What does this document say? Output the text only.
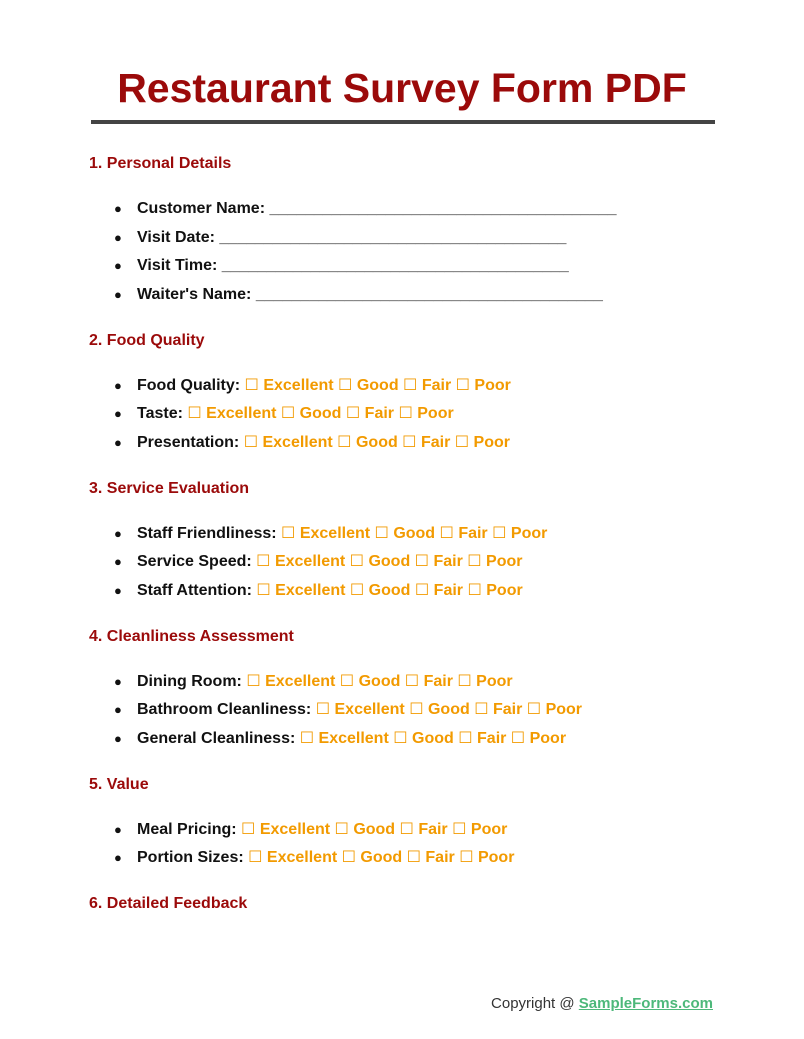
Restaurant Survey Form PDF
1. Personal Details
● Customer Name: _______________________________________
● Visit Date: _______________________________________
● Visit Time: _______________________________________
● Waiter's Name: _______________________________________
2. Food Quality
● Food Quality: ☐ Excellent ☐ Good ☐ Fair ☐ Poor
● Taste: ☐ Excellent ☐ Good ☐ Fair ☐ Poor
● Presentation: ☐ Excellent ☐ Good ☐ Fair ☐ Poor
3. Service Evaluation
● Staff Friendliness: ☐ Excellent ☐ Good ☐ Fair ☐ Poor
● Service Speed: ☐ Excellent ☐ Good ☐ Fair ☐ Poor
● Staff Attention: ☐ Excellent ☐ Good ☐ Fair ☐ Poor
4. Cleanliness Assessment
● Dining Room: ☐ Excellent ☐ Good ☐ Fair ☐ Poor
● Bathroom Cleanliness: ☐ Excellent ☐ Good ☐ Fair ☐ Poor
● General Cleanliness: ☐ Excellent ☐ Good ☐ Fair ☐ Poor
5. Value
● Meal Pricing: ☐ Excellent ☐ Good ☐ Fair ☐ Poor
● Portion Sizes: ☐ Excellent ☐ Good ☐ Fair ☐ Poor
6. Detailed Feedback
Copyright @ SampleForms.com
